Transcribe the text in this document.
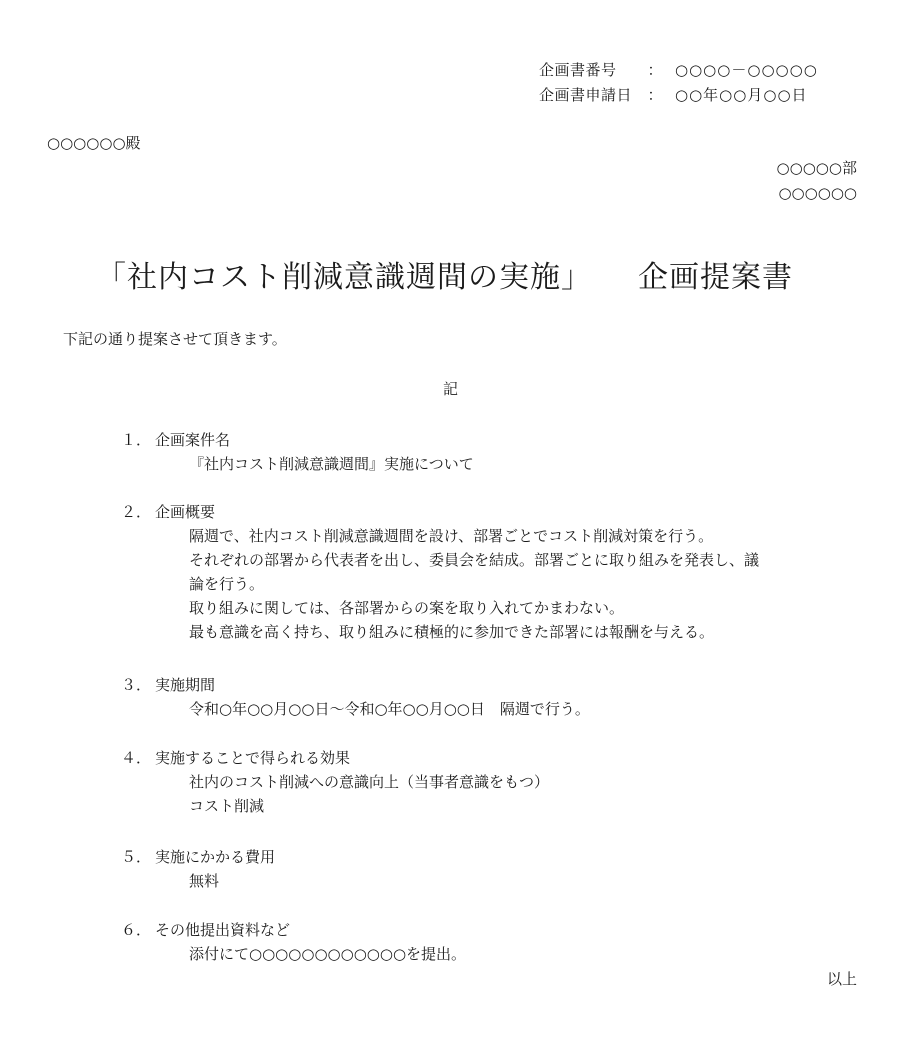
企画書番号 ： ○○○○－○○○○○
企画書申請日 ： ○○年○○月○○日
○○○○○○殿
○○○○○部
○○○○○○
「社内コスト削減意識週間の実施」 企画提案書
下記の通り提案させて頂きます。
記
１． 企画案件名
『社内コスト削減意識週間』実施について
２． 企画概要
隔週で、社内コスト削減意識週間を設け、部署ごとでコスト削減対策を行う。
それぞれの部署から代表者を出し、委員会を結成。部署ごとに取り組みを発表し、議
論を行う。
取り組みに関しては、各部署からの案を取り入れてかまわない。
最も意識を高く持ち、取り組みに積極的に参加できた部署には報酬を与える。
３． 実施期間
令和○年○○月○○日～令和○年○○月○○日　隔週で行う。
４． 実施することで得られる効果
社内のコスト削減への意識向上（当事者意識をもつ）
コスト削減
５． 実施にかかる費用
無料
６． その他提出資料など
添付にて○○○○○○○○○○○○を提出。
以上
